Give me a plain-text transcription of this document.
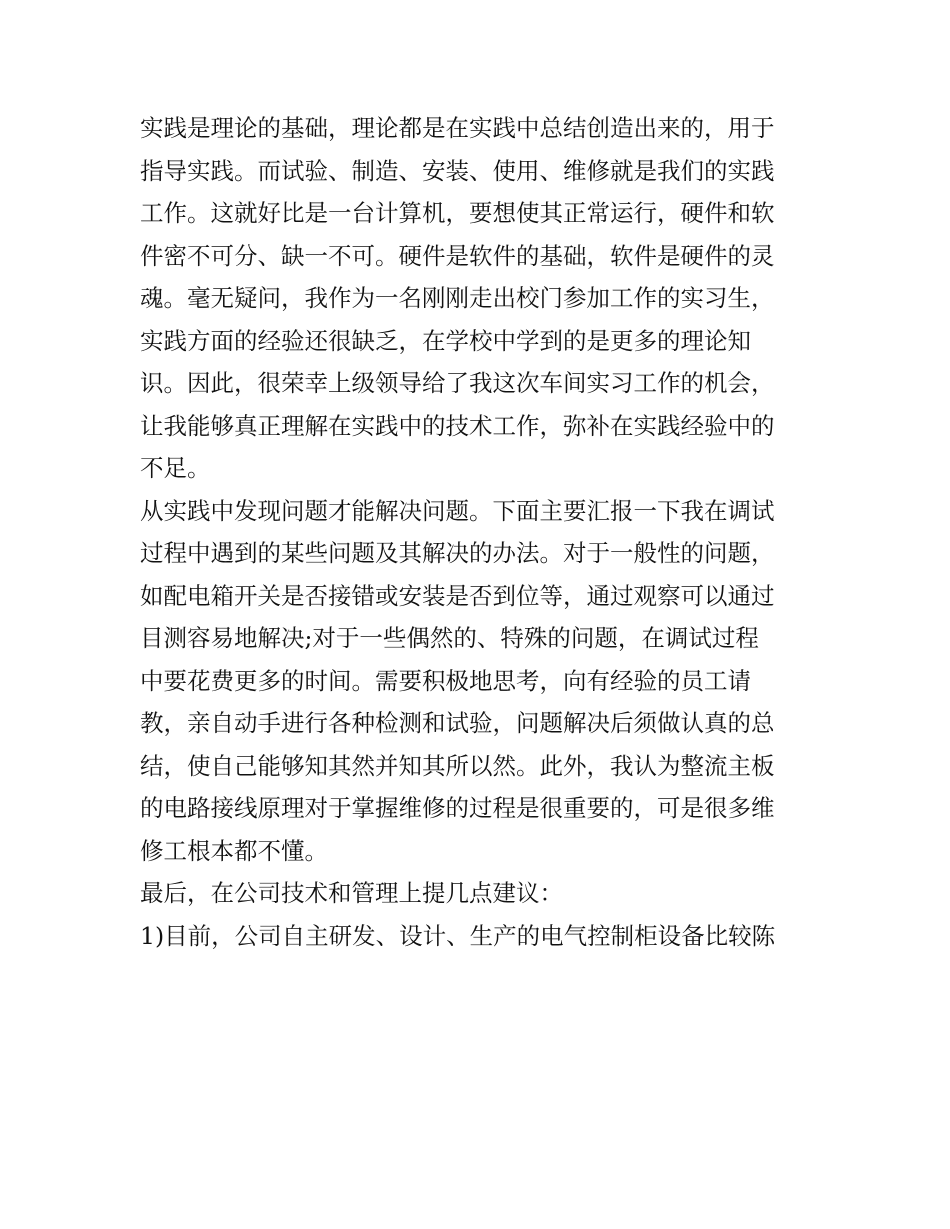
实践是理论的基础，理论都是在实践中总结创造出来的，用于
指导实践。而试验、制造、安装、使用、维修就是我们的实践
工作。这就好比是一台计算机，要想使其正常运行，硬件和软
件密不可分、缺一不可。硬件是软件的基础，软件是硬件的灵
魂。毫无疑问，我作为一名刚刚走出校门参加工作的实习生，
实践方面的经验还很缺乏，在学校中学到的是更多的理论知
识。因此，很荣幸上级领导给了我这次车间实习工作的机会，
让我能够真正理解在实践中的技术工作，弥补在实践经验中的
不足。
从实践中发现问题才能解决问题。下面主要汇报一下我在调试
过程中遇到的某些问题及其解决的办法。对于一般性的问题，
如配电箱开关是否接错或安装是否到位等，通过观察可以通过
目测容易地解决;对于一些偶然的、特殊的问题，在调试过程
中要花费更多的时间。需要积极地思考，向有经验的员工请
教，亲自动手进行各种检测和试验，问题解决后须做认真的总
结，使自己能够知其然并知其所以然。此外，我认为整流主板
的电路接线原理对于掌握维修的过程是很重要的，可是很多维
修工根本都不懂。
最后，在公司技术和管理上提几点建议：
1)目前，公司自主研发、设计、生产的电气控制柜设备比较陈
